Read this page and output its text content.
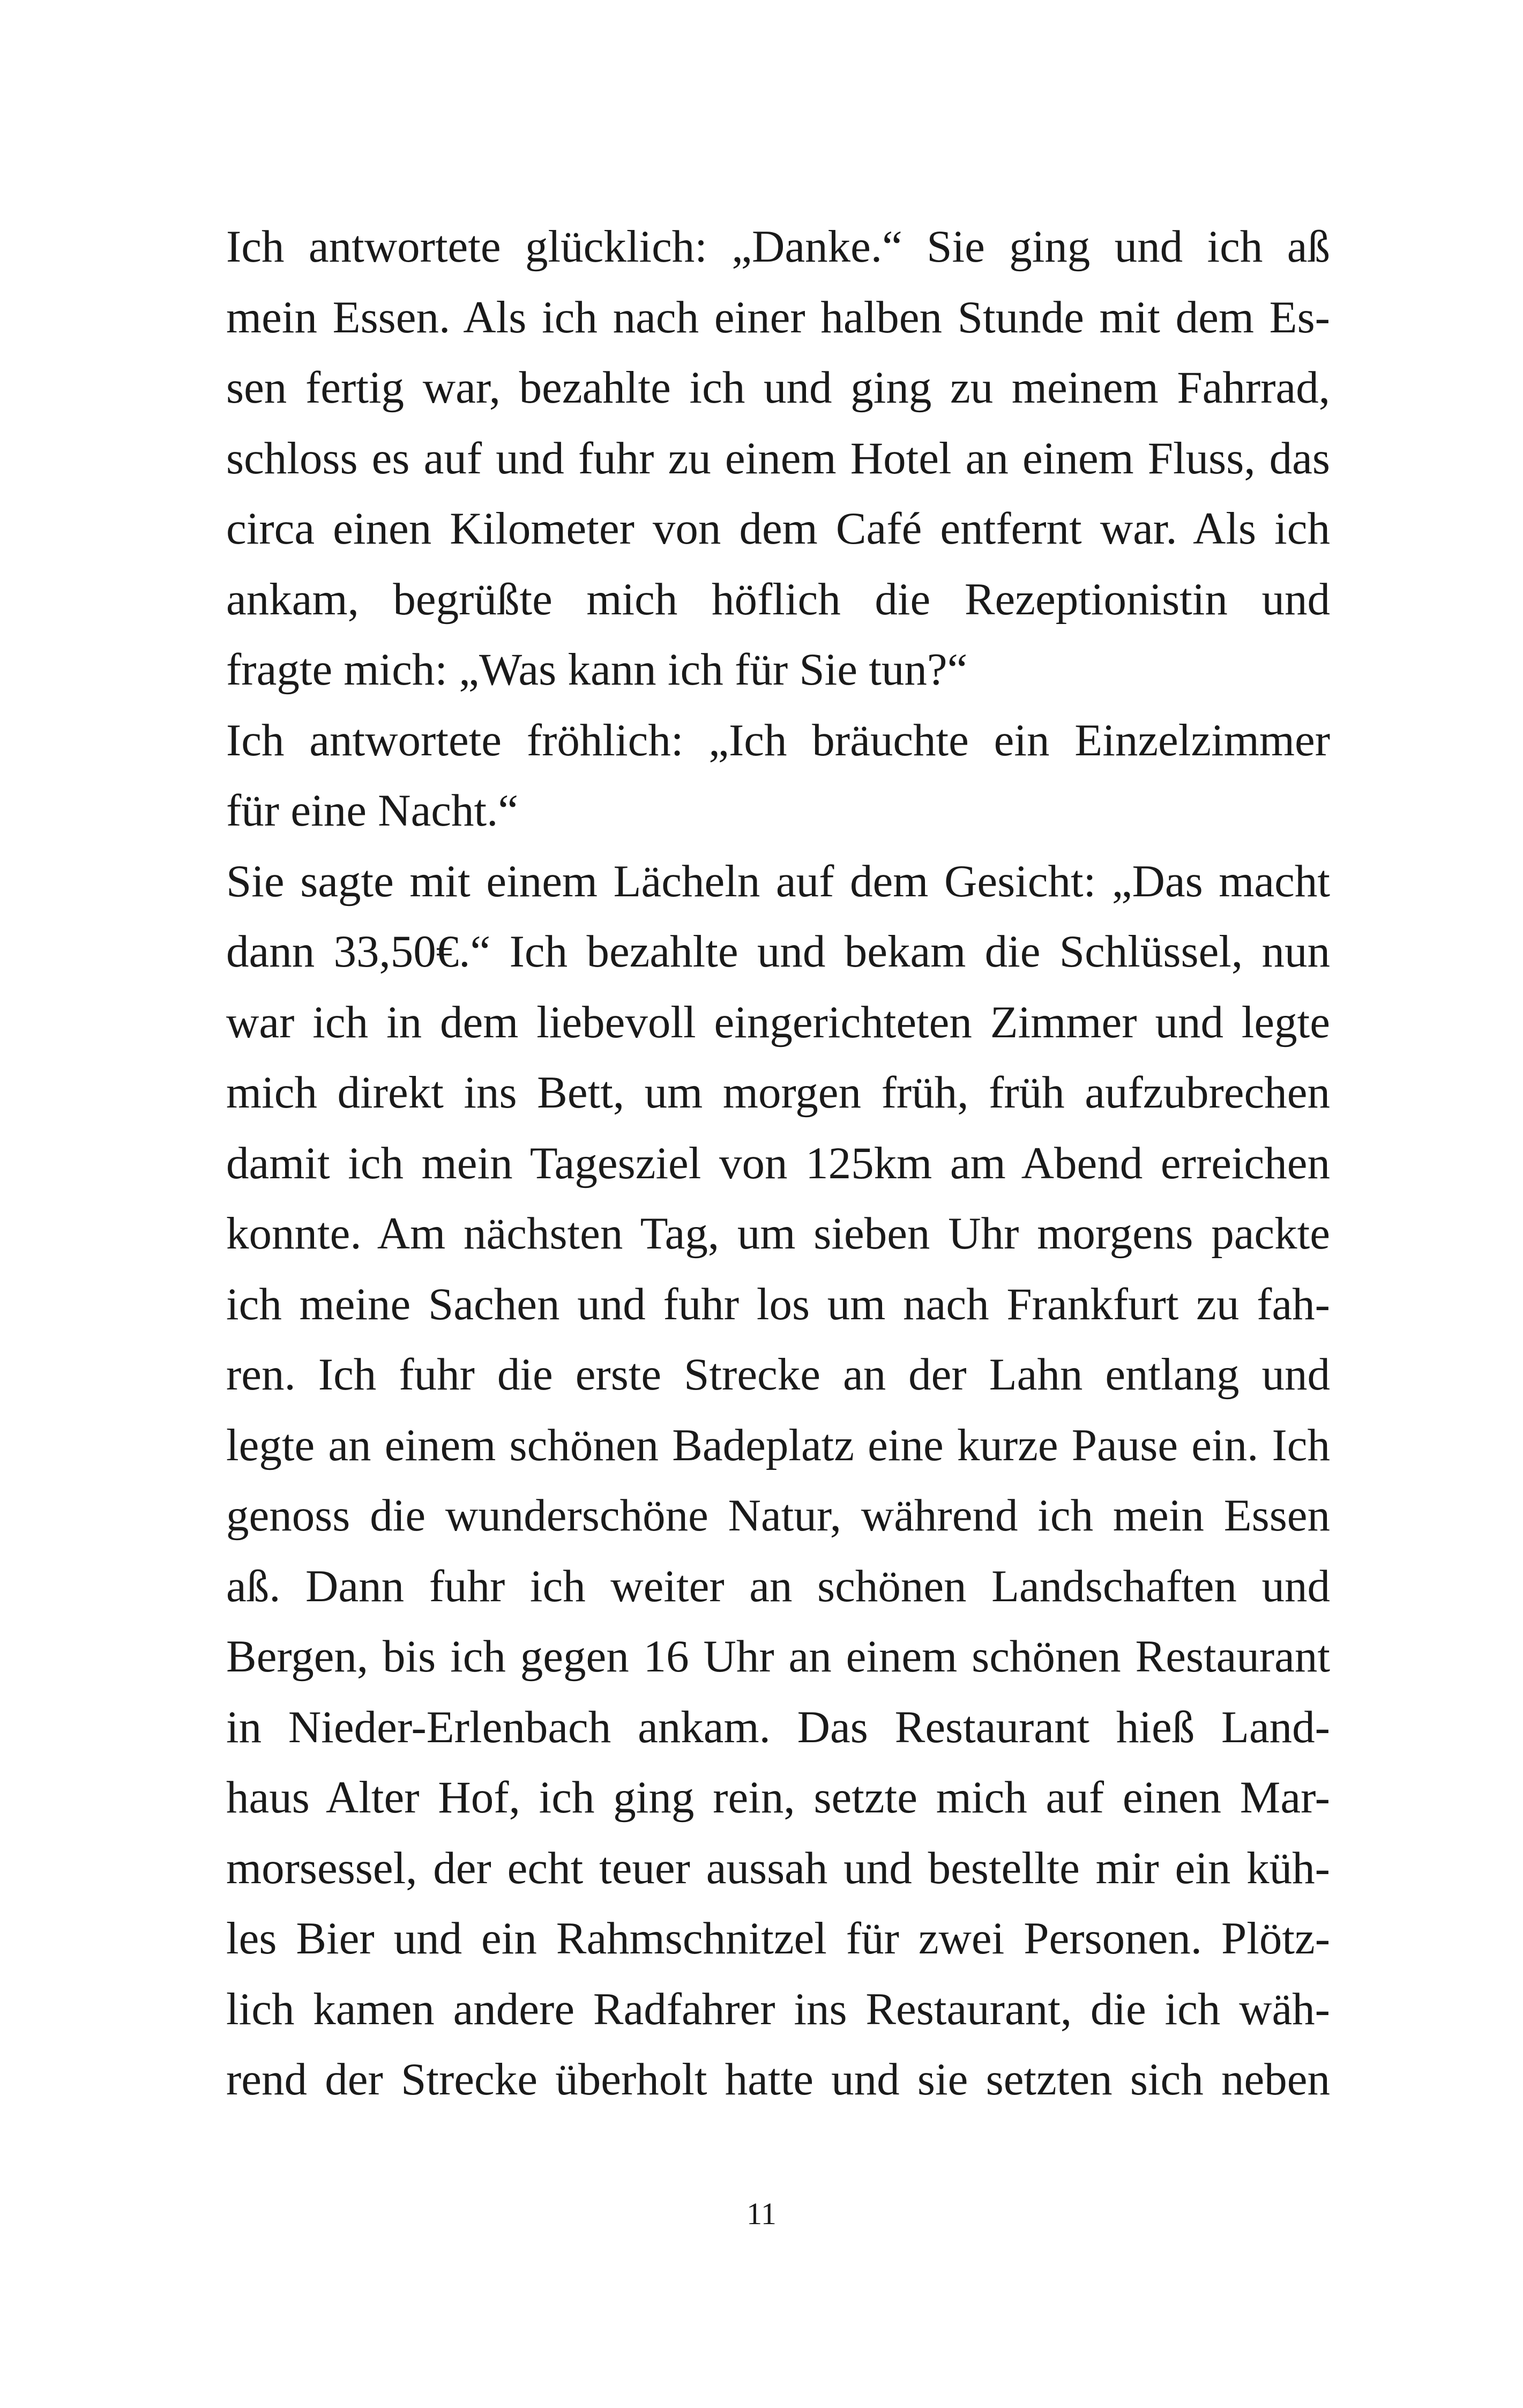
Ich antwortete glücklich: „Danke.“ Sie ging und ich aß
mein Essen. Als ich nach einer halben Stunde mit dem Es-
sen fertig war, bezahlte ich und ging zu meinem Fahrrad,
schloss es auf und fuhr zu einem Hotel an einem Fluss, das
circa einen Kilometer von dem Café entfernt war. Als ich
ankam, begrüßte mich höflich die Rezeptionistin und
fragte mich: „Was kann ich für Sie tun?“
Ich antwortete fröhlich: „Ich bräuchte ein Einzelzimmer
für eine Nacht.“
Sie sagte mit einem Lächeln auf dem Gesicht: „Das macht
dann 33,50€.“ Ich bezahlte und bekam die Schlüssel, nun
war ich in dem liebevoll eingerichteten Zimmer und legte
mich direkt ins Bett, um morgen früh, früh aufzubrechen
damit ich mein Tagesziel von 125km am Abend erreichen
konnte. Am nächsten Tag, um sieben Uhr morgens packte
ich meine Sachen und fuhr los um nach Frankfurt zu fah-
ren. Ich fuhr die erste Strecke an der Lahn entlang und
legte an einem schönen Badeplatz eine kurze Pause ein. Ich
genoss die wunderschöne Natur, während ich mein Essen
aß. Dann fuhr ich weiter an schönen Landschaften und
Bergen, bis ich gegen 16 Uhr an einem schönen Restaurant
in Nieder-Erlenbach ankam. Das Restaurant hieß Land-
haus Alter Hof, ich ging rein, setzte mich auf einen Mar-
morsessel, der echt teuer aussah und bestellte mir ein küh-
les Bier und ein Rahmschnitzel für zwei Personen. Plötz-
lich kamen andere Radfahrer ins Restaurant, die ich wäh-
rend der Strecke überholt hatte und sie setzten sich neben
11
